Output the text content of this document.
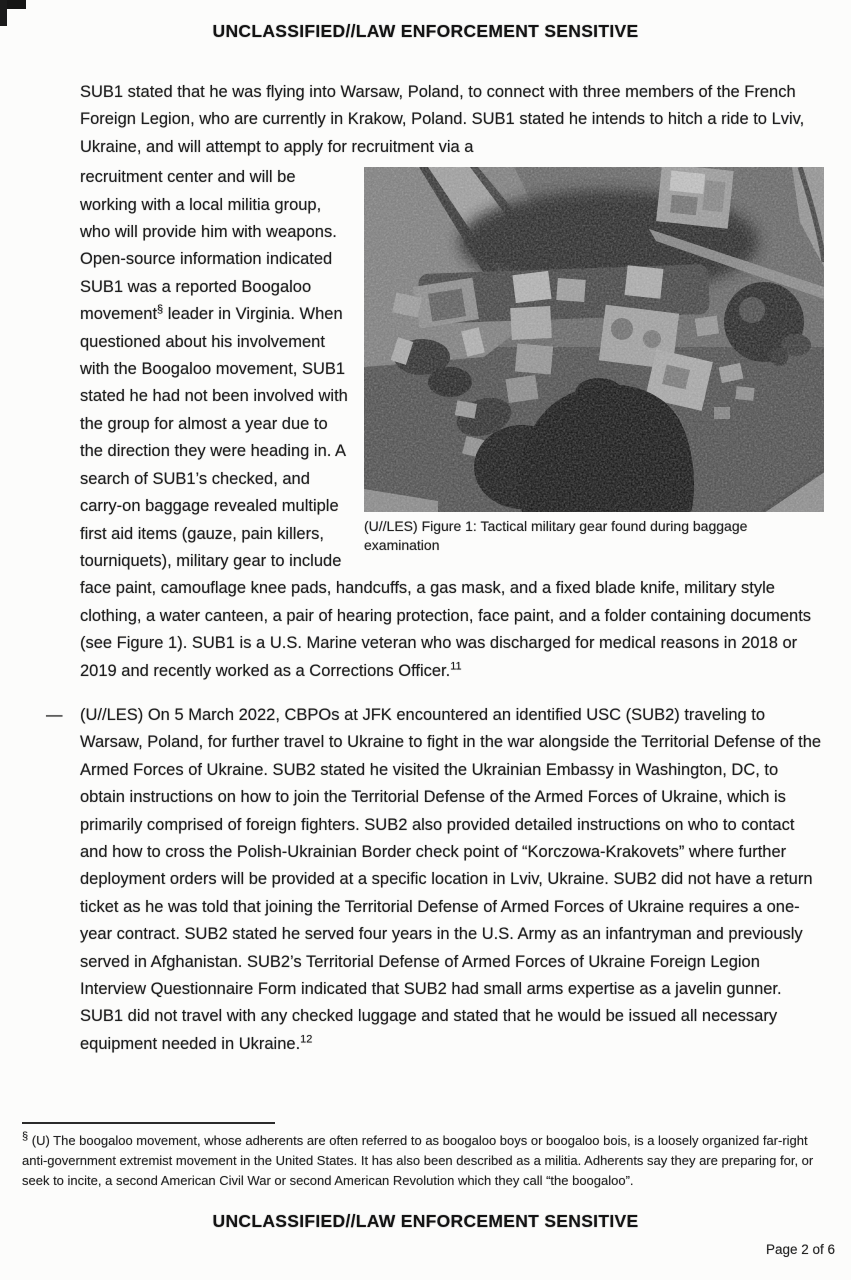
UNCLASSIFIED//LAW ENFORCEMENT SENSITIVE

SUB1 stated that he was flying into Warsaw, Poland, to connect with three members of the French Foreign Legion, who are currently in Krakow, Poland. SUB1 stated he intends to hitch a ride to Lviv, Ukraine, and will attempt to apply for recruitment via a

(U//LES) Figure 1: Tactical military gear found during baggage examination
recruitment center and will be working with a local militia group, who will provide him with weapons. Open-source information indicated SUB1 was a reported Boogaloo movement§ leader in Virginia. When questioned about his involvement with the Boogaloo movement, SUB1 stated he had not been involved with the group for almost a year due to the direction they were heading in. A search of SUB1’s checked, and carry-on baggage revealed multiple first aid items (gauze, pain killers, tourniquets), military gear to include face paint, camouflage knee pads, handcuffs, a gas mask, and a fixed blade knife, military style clothing, a water canteen, a pair of hearing protection, face paint, and a folder containing documents (see Figure 1). SUB1 is a U.S. Marine veteran who was discharged for medical reasons in 2018 or 2019 and recently worked as a Corrections Officer.$^{11}$
— (U//LES) On 5 March 2022, CBPOs at JFK encountered an identified USC (SUB2) traveling to Warsaw, Poland, for further travel to Ukraine to fight in the war alongside the Territorial Defense of the Armed Forces of Ukraine. SUB2 stated he visited the Ukrainian Embassy in Washington, DC, to obtain instructions on how to join the Territorial Defense of the Armed Forces of Ukraine, which is primarily comprised of foreign fighters. SUB2 also provided detailed instructions on who to contact and how to cross the Polish-Ukrainian Border check point of “Korczowa-Krakovets” where further deployment orders will be provided at a specific location in Lviv, Ukraine. SUB2 did not have a return ticket as he was told that joining the Territorial Defense of Armed Forces of Ukraine requires a one-year contract. SUB2 stated he served four years in the U.S. Army as an infantryman and previously served in Afghanistan. SUB2’s Territorial Defense of Armed Forces of Ukraine Foreign Legion Interview Questionnaire Form indicated that SUB2 had small arms expertise as a javelin gunner. SUB1 did not travel with any checked luggage and stated that he would be issued all necessary equipment needed in Ukraine.$^{12}$
§ (U) The boogaloo movement, whose adherents are often referred to as boogaloo boys or boogaloo bois, is a loosely organized far-right anti-government extremist movement in the United States. It has also been described as a militia. Adherents say they are preparing for, or seek to incite, a second American Civil War or second American Revolution which they call “the boogaloo”.
UNCLASSIFIED//LAW ENFORCEMENT SENSITIVE
Page 2 of 6
